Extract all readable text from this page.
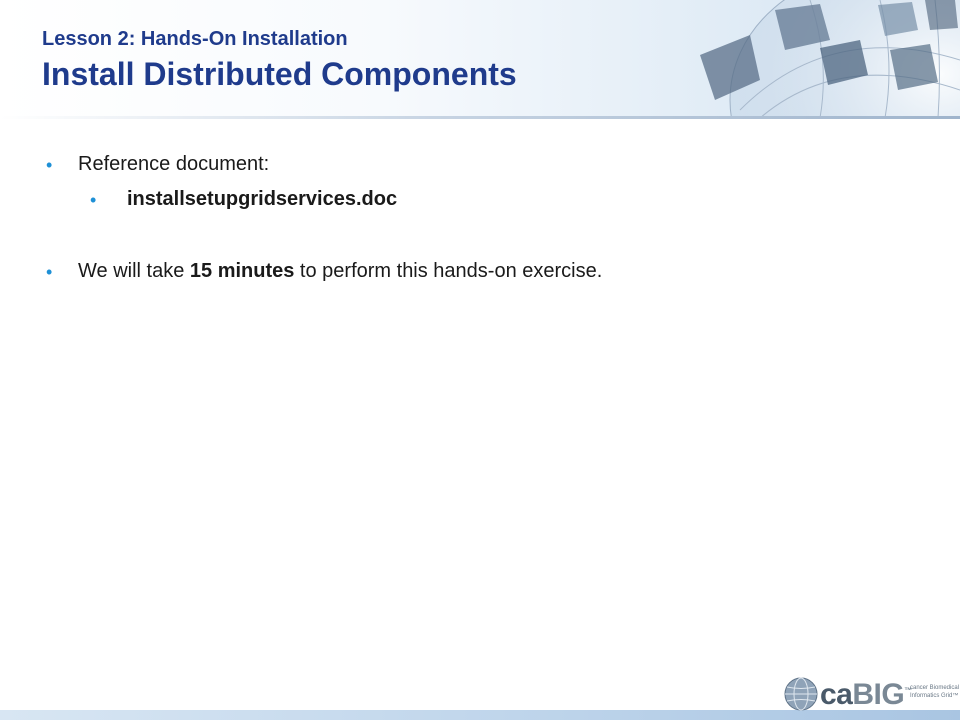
Lesson 2: Hands-On Installation
Install Distributed Components
• Reference document:
• installsetupgridservices.doc
• We will take 15 minutes to perform this hands-on exercise.
caBIG™
cancer Biomedical
Informatics Grid™
